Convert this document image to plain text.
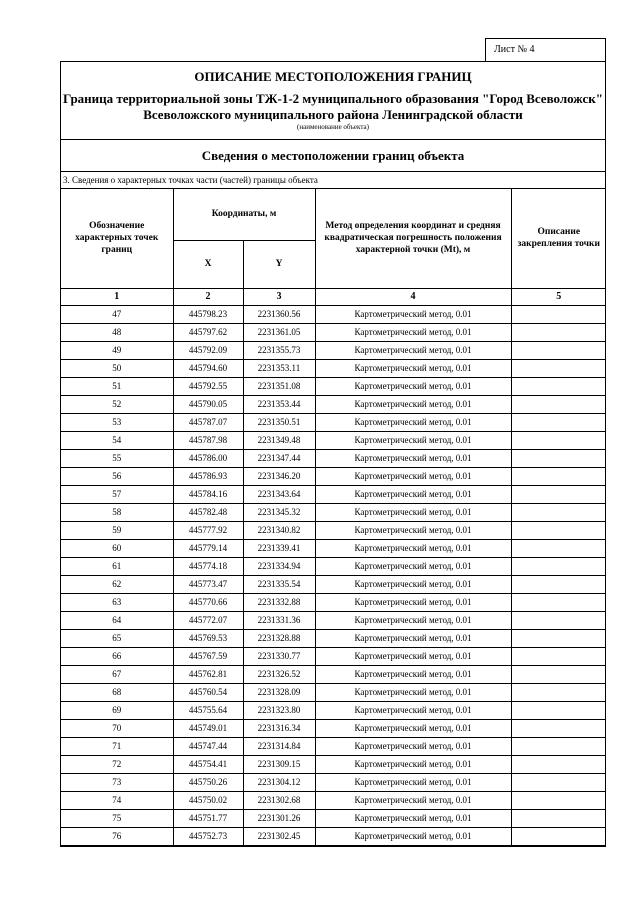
Лист № 4
ОПИСАНИЕ МЕСТОПОЛОЖЕНИЯ ГРАНИЦ
Граница территориальной зоны ТЖ-1-2 муниципального образования "Город Всеволожск" Всеволожского муниципального района Ленинградской области
(наименование объекта)
Сведения о местоположении границ объекта
3. Сведения о характерных точках части (частей) границы объекта
Обозначение характерных точек границ	Координаты, м		Метод определения координат и средняя квадратическая погрешность положения характерной точки (Mt), м	Описание закрепления точки
	X	Y		
1	2	3	4	5
47	445798.23	2231360.56	Картометрический метод, 0.01	
48	445797.62	2231361.05	Картометрический метод, 0.01	
49	445792.09	2231355.73	Картометрический метод, 0.01	
50	445794.60	2231353.11	Картометрический метод, 0.01	
51	445792.55	2231351.08	Картометрический метод, 0.01	
52	445790.05	2231353.44	Картометрический метод, 0.01	
53	445787.07	2231350.51	Картометрический метод, 0.01	
54	445787.98	2231349.48	Картометрический метод, 0.01	
55	445786.00	2231347.44	Картометрический метод, 0.01	
56	445786.93	2231346.20	Картометрический метод, 0.01	
57	445784.16	2231343.64	Картометрический метод, 0.01	
58	445782.48	2231345.32	Картометрический метод, 0.01	
59	445777.92	2231340.82	Картометрический метод, 0.01	
60	445779.14	2231339.41	Картометрический метод, 0.01	
61	445774.18	2231334.94	Картометрический метод, 0.01	
62	445773.47	2231335.54	Картометрический метод, 0.01	
63	445770.66	2231332.88	Картометрический метод, 0.01	
64	445772.07	2231331.36	Картометрический метод, 0.01	
65	445769.53	2231328.88	Картометрический метод, 0.01	
66	445767.59	2231330.77	Картометрический метод, 0.01	
67	445762.81	2231326.52	Картометрический метод, 0.01	
68	445760.54	2231328.09	Картометрический метод, 0.01	
69	445755.64	2231323.80	Картометрический метод, 0.01	
70	445749.01	2231316.34	Картометрический метод, 0.01	
71	445747.44	2231314.84	Картометрический метод, 0.01	
72	445754.41	2231309.15	Картометрический метод, 0.01	
73	445750.26	2231304.12	Картометрический метод, 0.01	
74	445750.02	2231302.68	Картометрический метод, 0.01	
75	445751.77	2231301.26	Картометрический метод, 0.01	
76	445752.73	2231302.45	Картометрический метод, 0.01	
